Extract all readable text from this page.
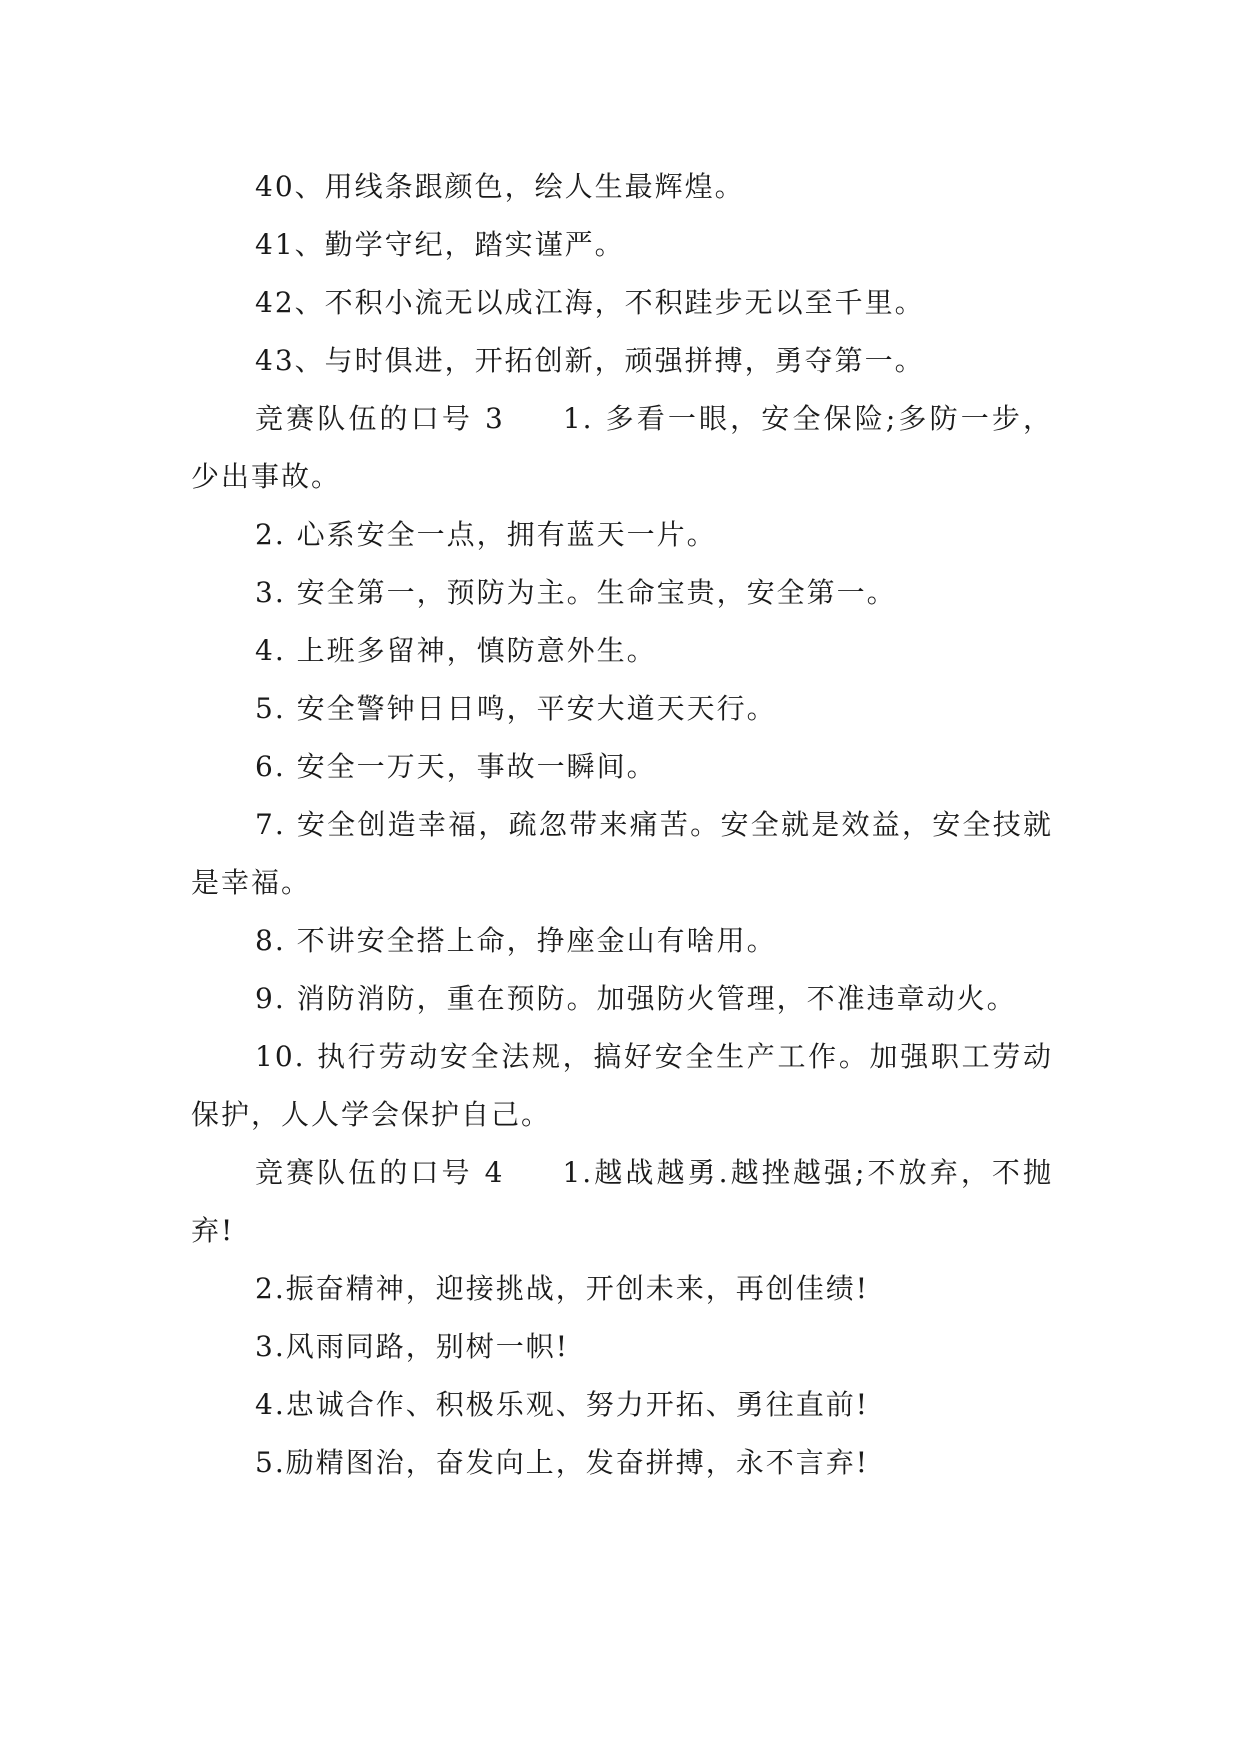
40、用线条跟颜色，绘人生最辉煌。

41、勤学守纪，踏实谨严。

42、不积小流无以成江海，不积跬步无以至千里。

43、与时俱进，开拓创新，顽强拼搏，勇夺第一。

竞赛队伍的口号 3 1. 多看一眼，安全保险;多防一步，少出事故。

2. 心系安全一点，拥有蓝天一片。

3. 安全第一，预防为主。生命宝贵，安全第一。

4. 上班多留神，慎防意外生。

5. 安全警钟日日鸣，平安大道天天行。

6. 安全一万天，事故一瞬间。

7. 安全创造幸福，疏忽带来痛苦。安全就是效益，安全技就是幸福。

8. 不讲安全搭上命，挣座金山有啥用。

9. 消防消防，重在预防。加强防火管理，不准违章动火。

10. 执行劳动安全法规，搞好安全生产工作。加强职工劳动保护，人人学会保护自己。

竞赛队伍的口号 4 1.越战越勇.越挫越强;不放弃，不抛弃!

2.振奋精神，迎接挑战，开创未来，再创佳绩!

3.风雨同路，别树一帜!

4.忠诚合作、积极乐观、努力开拓、勇往直前!

5.励精图治，奋发向上，发奋拼搏，永不言弃!
